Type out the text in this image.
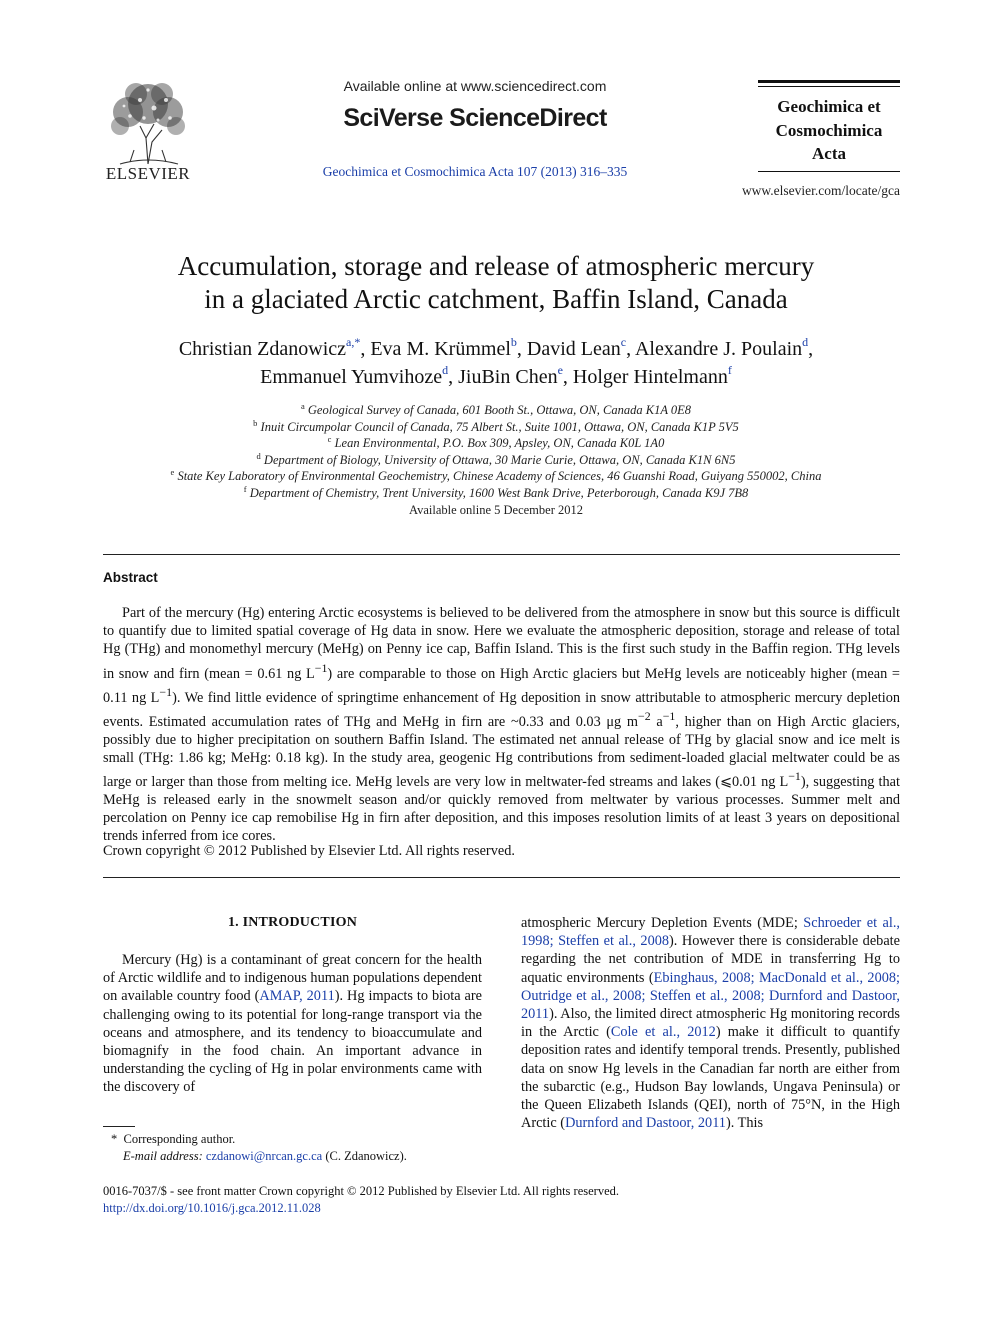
ELSEVIER
Available online at www.sciencedirect.com
SciVerse ScienceDirect
Geochimica et Cosmochimica Acta 107 (2013) 316–335
Geochimica et
Cosmochimica
Acta
www.elsevier.com/locate/gca
Accumulation, storage and release of atmospheric mercury
in a glaciated Arctic catchment, Baffin Island, Canada
Christian Zdanowicz$^{a,*}$, Eva M. Krümmel$^b$, David Lean$^c$, Alexandre J. Poulain$^d$,
Emmanuel Yumvihoze$^d$, JiuBin Chen$^e$, Holger Hintelmann$^f$
$^a$ Geological Survey of Canada, 601 Booth St., Ottawa, ON, Canada K1A 0E8
$^b$ Inuit Circumpolar Council of Canada, 75 Albert St., Suite 1001, Ottawa, ON, Canada K1P 5V5
$^c$ Lean Environmental, P.O. Box 309, Apsley, ON, Canada K0L 1A0
$^d$ Department of Biology, University of Ottawa, 30 Marie Curie, Ottawa, ON, Canada K1N 6N5
$^e$ State Key Laboratory of Environmental Geochemistry, Chinese Academy of Sciences, 46 Guanshi Road, Guiyang 550002, China
$^f$ Department of Chemistry, Trent University, 1600 West Bank Drive, Peterborough, Canada K9J 7B8
Available online 5 December 2012
Abstract

Part of the mercury (Hg) entering Arctic ecosystems is believed to be delivered from the atmosphere in snow but this source is difficult to quantify due to limited spatial coverage of Hg data in snow. Here we evaluate the atmospheric deposition, storage and release of total Hg (THg) and monomethyl mercury (MeHg) on Penny ice cap, Baffin Island. This is the first such study in the Baffin region. THg levels in snow and firn (mean = 0.61 ng $L^{-1}$) are comparable to those on High Arctic glaciers but MeHg levels are noticeably higher (mean = 0.11 ng $L^{-1}$). We find little evidence of springtime enhancement of Hg deposition in snow attributable to atmospheric mercury depletion events. Estimated accumulation rates of THg and MeHg in firn are ~0.33 and 0.03 μg $m^{-2}$ $a^{-1}$, higher than on High Arctic glaciers, possibly due to higher precipitation on southern Baffin Island. The estimated net annual release of THg by glacial snow and ice melt is small (THg: 1.86 kg; MeHg: 0.18 kg). In the study area, geogenic Hg contributions from sediment-loaded glacial meltwater could be as large or larger than those from melting ice. MeHg levels are very low in meltwater-fed streams and lakes (⩽0.01 ng $L^{-1}$), suggesting that MeHg is released early in the snowmelt season and/or quickly removed from meltwater by various processes. Summer melt and percolation on Penny ice cap remobilise Hg in firn after deposition, and this imposes resolution limits of at least 3 years on depositional trends inferred from ice cores.

Crown copyright © 2012 Published by Elsevier Ltd. All rights reserved.
1. INTRODUCTION

Mercury (Hg) is a contaminant of great concern for the health of Arctic wildlife and to indigenous human populations dependent on available country food (AMAP, 2011). Hg impacts to biota are challenging owing to its potential for long-range transport via the oceans and atmosphere, and its tendency to bioaccumulate and biomagnify in the food chain. An important advance in understanding the cycling of Hg in polar environments came with the discovery of

*  Corresponding author.
E-mail address: czdanowi@nrcan.gc.ca (C. Zdanowicz).

atmospheric Mercury Depletion Events (MDE; Schroeder et al., 1998; Steffen et al., 2008). However there is considerable debate regarding the net contribution of MDE in transferring Hg to aquatic environments (Ebinghaus, 2008; MacDonald et al., 2008; Outridge et al., 2008; Steffen et al., 2008; Durnford and Dastoor, 2011). Also, the limited direct atmospheric Hg monitoring records in the Arctic (Cole et al., 2012) make it difficult to quantify deposition rates and identify temporal trends. Presently, published data on snow Hg levels in the Canadian far north are either from the subarctic (e.g., Hudson Bay lowlands, Ungava Peninsula) or the Queen Elizabeth Islands (QEI), north of 75°N, in the High Arctic (Durnford and Dastoor, 2011). This

0016-7037/$ - see front matter Crown copyright © 2012 Published by Elsevier Ltd. All rights reserved.
http://dx.doi.org/10.1016/j.gca.2012.11.028
